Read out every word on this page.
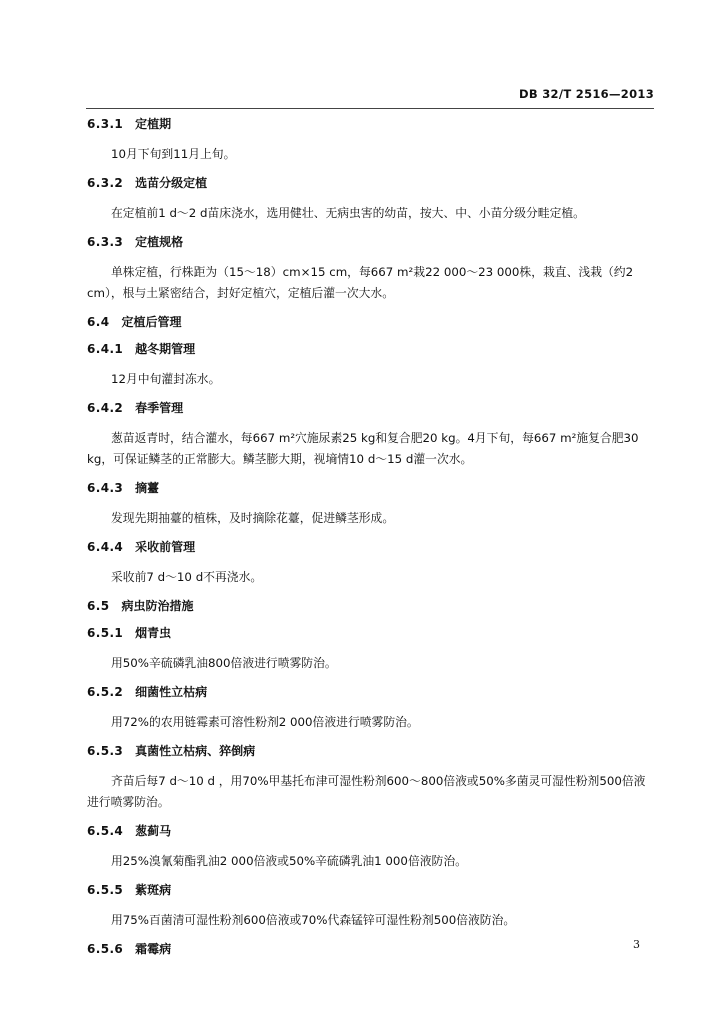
DB 32/T 2516—2013
6.3.1 定植期

10月下旬到11月上旬。

6.3.2 选苗分级定植

在定植前1 d～2 d苗床浇水，选用健壮、无病虫害的幼苗，按大、中、小苗分级分畦定植。

6.3.3 定植规格

单株定植，行株距为（15～18）cm×15 cm，每667 m²栽22 000～23 000株，栽直、浅栽（约2 cm），根与土紧密结合，封好定植穴，定植后灌一次大水。

6.4 定植后管理
6.4.1 越冬期管理

12月中旬灌封冻水。

6.4.2 春季管理

葱苗返青时，结合灌水，每667 m²穴施尿素25 kg和复合肥20 kg。4月下旬，每667 m²施复合肥30 kg，可保证鳞茎的正常膨大。鳞茎膨大期，视墒情10 d～15 d灌一次水。

6.4.3 摘薹

发现先期抽薹的植株，及时摘除花薹，促进鳞茎形成。

6.4.4 采收前管理

采收前7 d～10 d不再浇水。

6.5 病虫防治措施
6.5.1 烟青虫

用50%辛硫磷乳油800倍液进行喷雾防治。

6.5.2 细菌性立枯病

用72%的农用链霉素可溶性粉剂2 000倍液进行喷雾防治。

6.5.3 真菌性立枯病、猝倒病

齐苗后每7 d～10 d ，用70%甲基托布津可湿性粉剂600～800倍液或50%多菌灵可湿性粉剂500倍液进行喷雾防治。

6.5.4 葱蓟马

用25%溴氰菊酯乳油2 000倍液或50%辛硫磷乳油1 000倍液防治。

6.5.5 紫斑病

用75%百菌清可湿性粉剂600倍液或70%代森锰锌可湿性粉剂500倍液防治。

6.5.6 霜霉病	3
